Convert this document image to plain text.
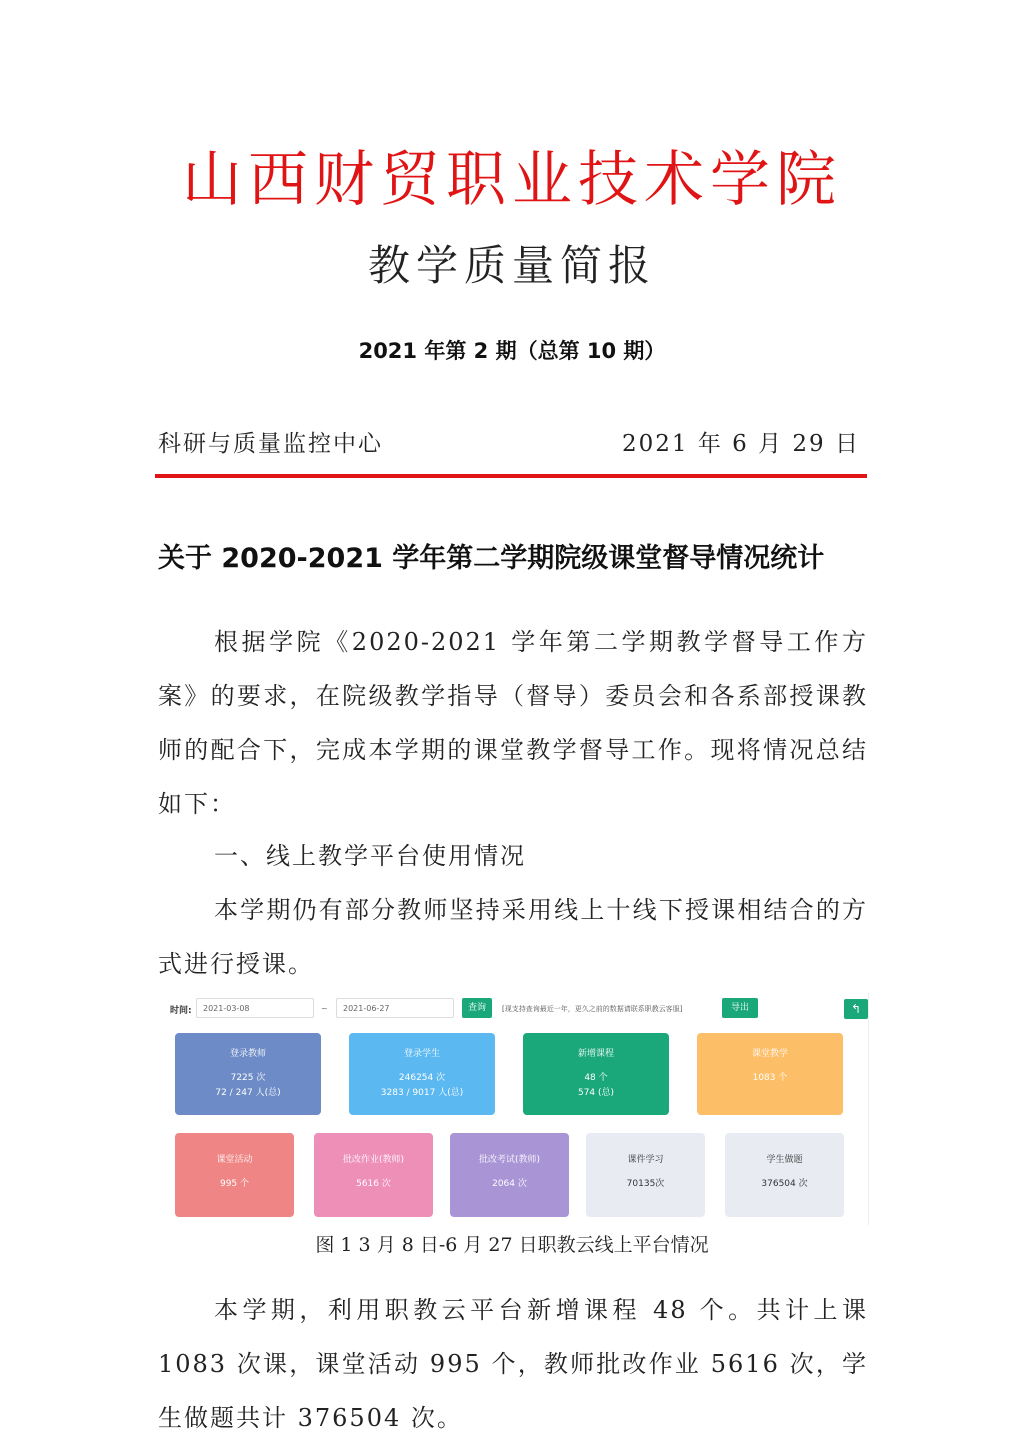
山西财贸职业技术学院
教学质量简报
2021 年第 2 期（总第 10 期）
科研与质量监控中心	2021 年 6 月 29 日
关于 2020-2021 学年第二学期院级课堂督导情况统计
根据学院《2020-2021 学年第二学期教学督导工作方案》的要求，在院级教学指导（督导）委员会和各系部授课教师的配合下，完成本学期的课堂教学督导工作。现将情况总结如下：
一、线上教学平台使用情况
本学期仍有部分教师坚持采用线上十线下授课相结合的方式进行授课。
时间:	2021-03-08	~	2021-06-27	查询	[现支持查询最近一年，更久之前的数据请联系职教云客服]	导出	↰
登录教师
7225 次
72 / 247 人(总)
登录学生
246254 次
3283 / 9017 人(总)
新增课程
48 个
574 (总)
课堂教学
1083 个
课堂活动
995 个
批改作业(教师)
5616 次
批改考试(教师)
2064 次
课件学习
70135次
学生做题
376504 次
图 1 3 月 8 日-6 月 27 日职教云线上平台情况
本学期，利用职教云平台新增课程 48 个。共计上课 1083 次课，课堂活动 995 个，教师批改作业 5616 次，学生做题共计 376504 次。
